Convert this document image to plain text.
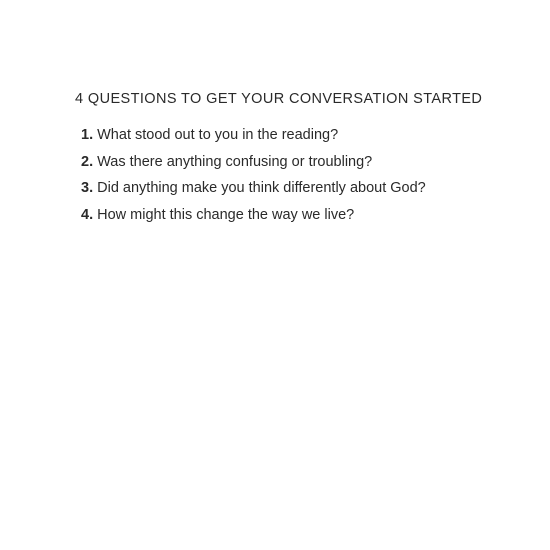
4 QUESTIONS TO GET YOUR CONVERSATION STARTED
1. What stood out to you in the reading?
2. Was there anything confusing or troubling?
3. Did anything make you think differently about God?
4. How might this change the way we live?
